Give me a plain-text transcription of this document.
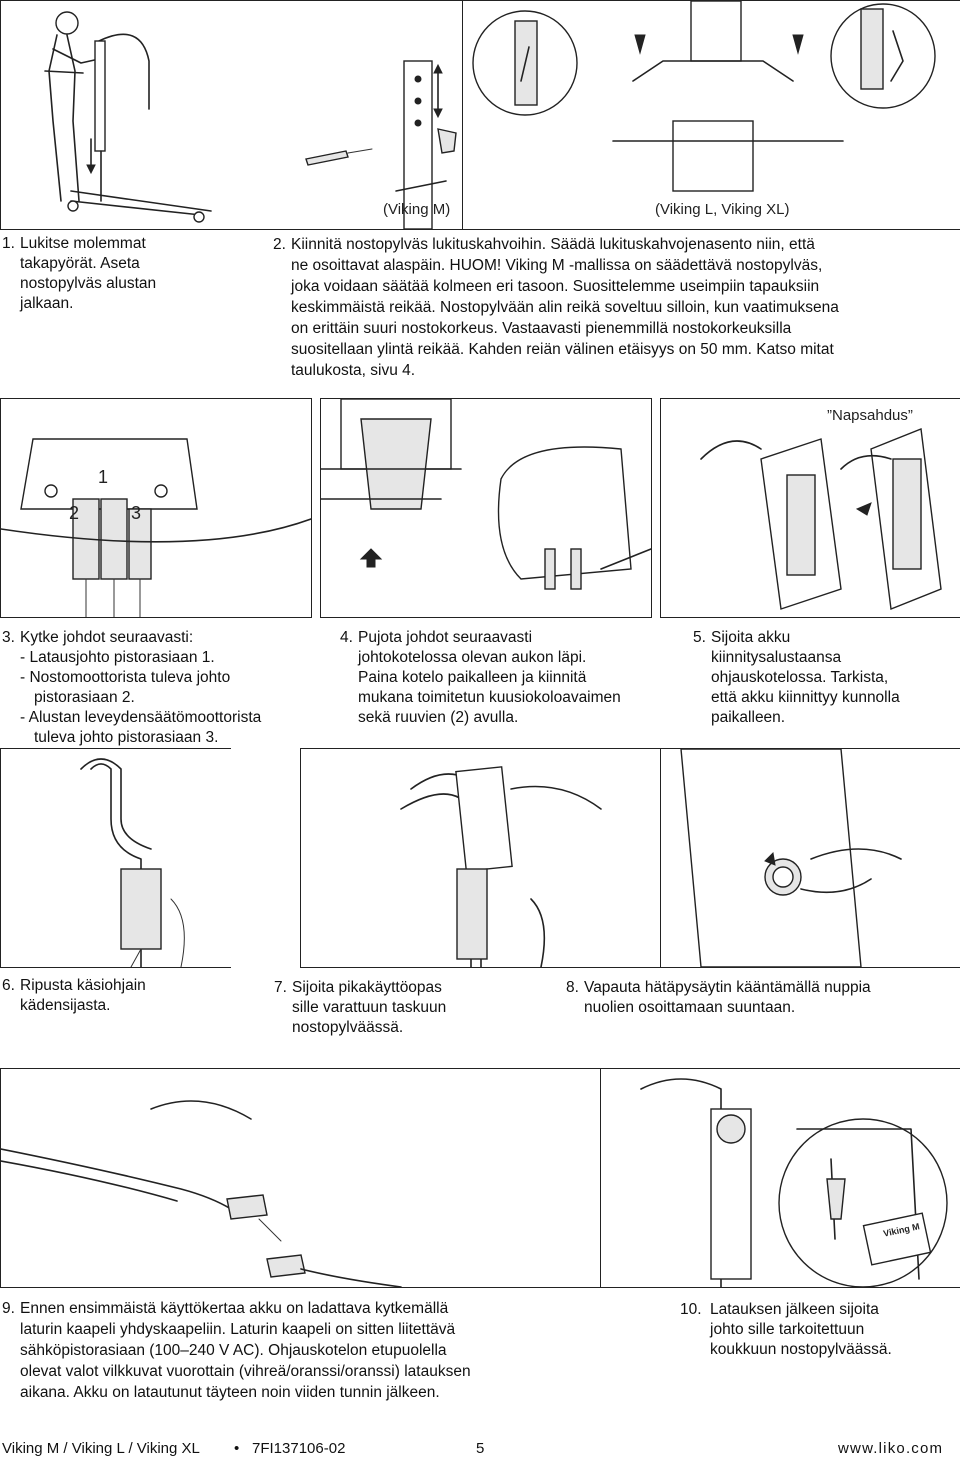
(Viking M)	(Viking L, Viking XL)
1. Lukitse molemmat
takapyörät. Aseta
nostopylväs alustan
jalkaan.
2. Kiinnitä nostopylväs lukituskahvoihin. Säädä lukituskahvojenasento niin, että
ne osoittavat alaspäin. HUOM! Viking M -mallissa on säädettävä nostopylväs,
joka voidaan säätää kolmeen eri tasoon. Suosittelemme useimpiin tapauksiin
keskimmäistä reikää. Nostopylvään alin reikä soveltuu silloin, kun vaatimuksena
on erittäin suuri nostokorkeus. Vastaavasti pienemmillä nostokorkeuksilla
suositellaan ylintä reikää. Kahden reiän välinen etäisyys on 50 mm. Katso mitat
taulukosta, sivu 4.
1
2	3
”Napsahdus”
3. Kytke johdot seuraavasti:
- Latausjohto pistorasiaan 1.
- Nostomoottorista tuleva johto
pistorasiaan 2.
- Alustan leveydensäätömoottorista
tuleva johto pistorasiaan 3.
4. Pujota johdot seuraavasti
johtokotelossa olevan aukon läpi.
Paina kotelo paikalleen ja kiinnitä
mukana toimitetun kuusiokoloavaimen
sekä ruuvien (2) avulla.
5. Sijoita akku
kiinnitysalustaansa
ohjauskotelossa. Tarkista,
että akku kiinnittyy kunnolla
paikalleen.
6. Ripusta käsiohjain
kädensijasta.
7. Sijoita pikakäyttöopas
sille varattuun taskuun
nostopylväässä.
8. Vapauta hätäpysäytin kääntämällä nuppia
nuolien osoittamaan suuntaan.
Viking M
9. Ennen ensimmäistä käyttökertaa akku on ladattava kytkemällä
laturin kaapeli yhdyskaapeliin. Laturin kaapeli on sitten liitettävä
sähköpistorasiaan (100–240 V AC). Ohjauskotelon etupuolella
olevat valot vilkkuvat vuorottain (vihreä/oranssi/oranssi) latauksen
aikana. Akku on latautunut täyteen noin viiden tunnin jälkeen.
10. Latauksen jälkeen sijoita
johto sille tarkoitettuun
koukkuun nostopylväässä.
Viking M / Viking L / Viking XL • 7FI137106-02	5	www.liko.com
